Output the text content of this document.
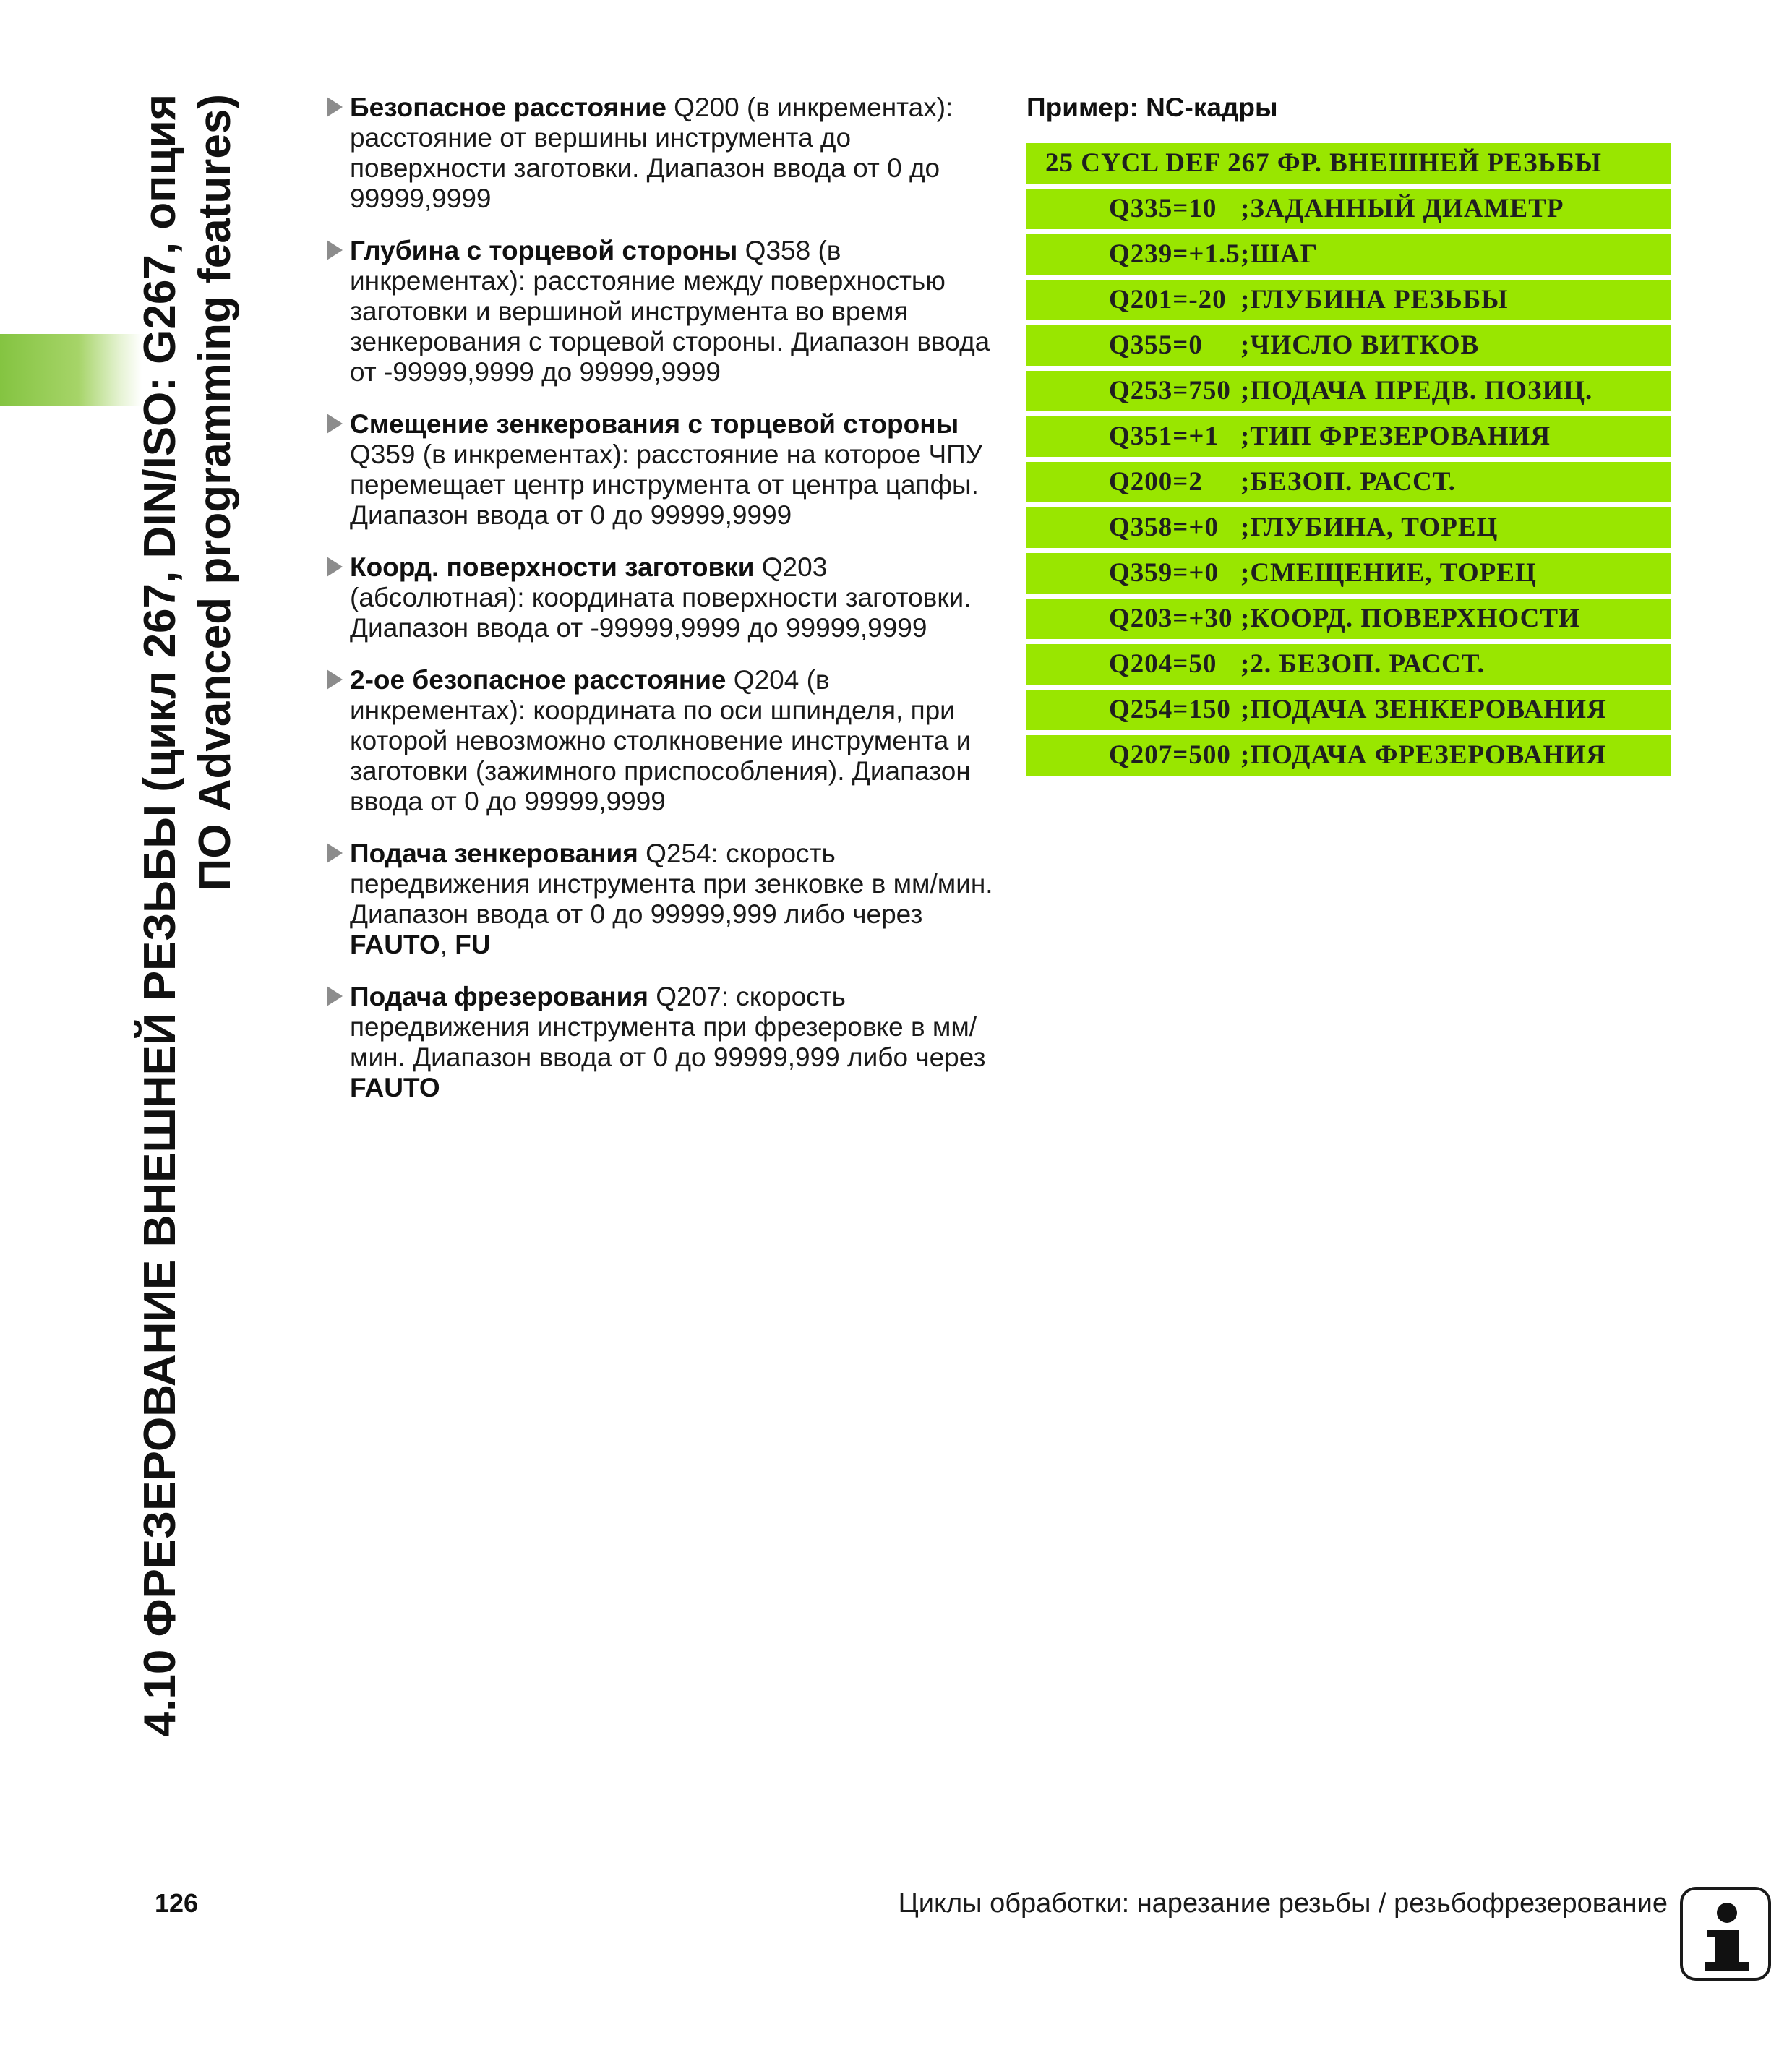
4.10 ФРЕЗЕРОВАНИЕ ВНЕШНЕЙ РЕЗЬБЫ (цикл 267, DIN/ISO: G267, опция ПО Advanced programming features)	Безопасное расстояние Q200 (в инкрементах): расстояние от вершины инструмента до поверхности заготовки. Диапазон ввода от 0 до 99999,9999
Глубина с торцевой стороны Q358 (в инкрементах): расстояние между поверхностью заготовки и вершиной инструмента во время зенкерования с торцевой стороны. Диапазон ввода от -99999,9999 до 99999,9999
Смещение зенкерования с торцевой стороны Q359 (в инкрементах): расстояние на которое ЧПУ перемещает центр инструмента от центра цапфы. Диапазон ввода от 0 до 99999,9999
Коорд. поверхности заготовки Q203 (абсолютная): координата поверхности заготовки. Диапазон ввода от -99999,9999 до 99999,9999
2-ое безопасное расстояние Q204 (в инкрементах): координата по оси шпинделя, при которой невозможно столкновение инструмента и заготовки (зажимного приспособления). Диапазон ввода от 0 до 99999,9999
Подача зенкерования Q254: скорость передвижения инструмента при зенковке в мм/мин. Диапазон ввода от 0 до 99999,999 либо через FAUTO, FU
Подача фрезерования Q207: скорость передвижения инструмента при фрезеровке в мм/мин. Диапазон ввода от 0 до 99999,999 либо через FAUTO
Пример: NC-кадры
25 CYCL DEF 267 ФР. ВНЕШНЕЙ РЕЗЬБЫ
Q335=10 ;ЗАДАННЫЙ ДИАМЕТР
Q239=+1.5 ;ШАГ
Q201=-20 ;ГЛУБИНА РЕЗЬБЫ
Q355=0 ;ЧИСЛО ВИТКОВ
Q253=750 ;ПОДАЧА ПРЕДВ. ПОЗИЦ.
Q351=+1 ;ТИП ФРЕЗЕРОВАНИЯ
Q200=2 ;БЕЗОП. РАССТ.
Q358=+0 ;ГЛУБИНА, ТОРЕЦ
Q359=+0 ;СМЕЩЕНИЕ, ТОРЕЦ
Q203=+30 ;КООРД. ПОВЕРХНОСТИ
Q204=50 ;2. БЕЗОП. РАССТ.
Q254=150 ;ПОДАЧА ЗЕНКЕРОВАНИЯ
Q207=500 ;ПОДАЧА ФРЕЗЕРОВАНИЯ
126	Циклы обработки: нарезание резьбы / резьбофрезерование
